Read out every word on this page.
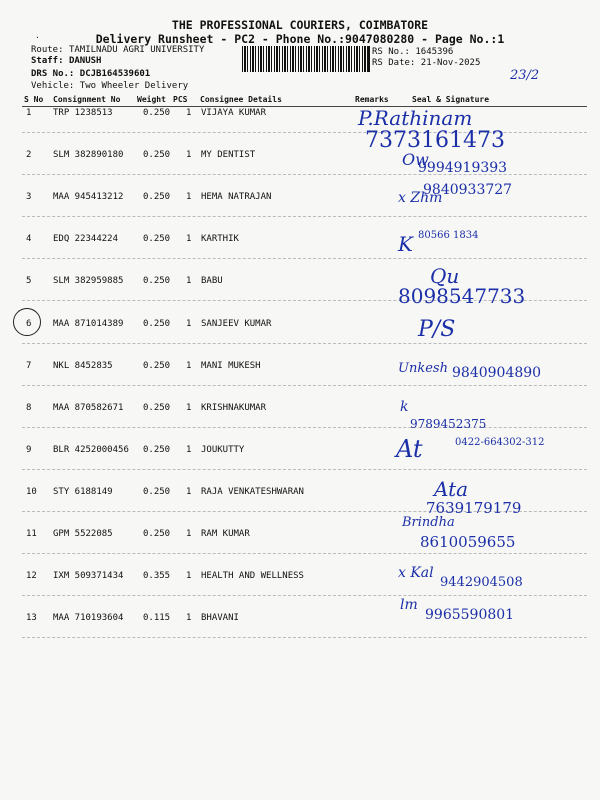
·
THE PROFESSIONAL COURIERS, COIMBATORE
Delivery Runsheet - PC2 - Phone No.:9047080280 - Page No.:1
Route: TAMILNADU AGRI UNIVERSITY
Staff: DANUSH
DRS No.: DCJB164539601
Vehicle: Two Wheeler Delivery
RS No.: 1645396
RS Date: 21-Nov-2025
23/2
S No Consignment No Weight PCS Consignee Details	Remarks	Seal & Signature
1 TRP 1238513	0.250 1 VIJAYA KUMAR	P.Rathinam
7373161473
2 SLM 382890180 0.250 1 MY DENTIST	Ow
9994919393
3 MAA 945413212 0.250 1 HEMA NATRAJAN	x Zhm
9840933727
4 EDQ 22344224	0.250 1 KARTHIK	K 80566 1834
5 SLM 382959885 0.250 1 BABU	Qu
8098547733
6 MAA 871014389 0.250 1 SANJEEV KUMAR	P/S
7 NKL 8452835	0.250 1 MANI MUKESH	Unkesh 9840904890
8 MAA 870582671 0.250 1 KRISHNAKUMAR	k
9789452375
9 BLR 4252000456 0.250 1 JOUKUTTY	At	0422-664302-312
10 STY 6188149	0.250 1 RAJA VENKATESHWARAN	Ata
7639179179
11 GPM 5522085	0.250 1 RAM KUMAR
Brindha
8610059655
12 IXM 509371434 0.355 1 HEALTH AND WELLNESS	x Kal
9442904508
13 MAA 710193604 0.115 1 BHAVANI
lm
9965590801
